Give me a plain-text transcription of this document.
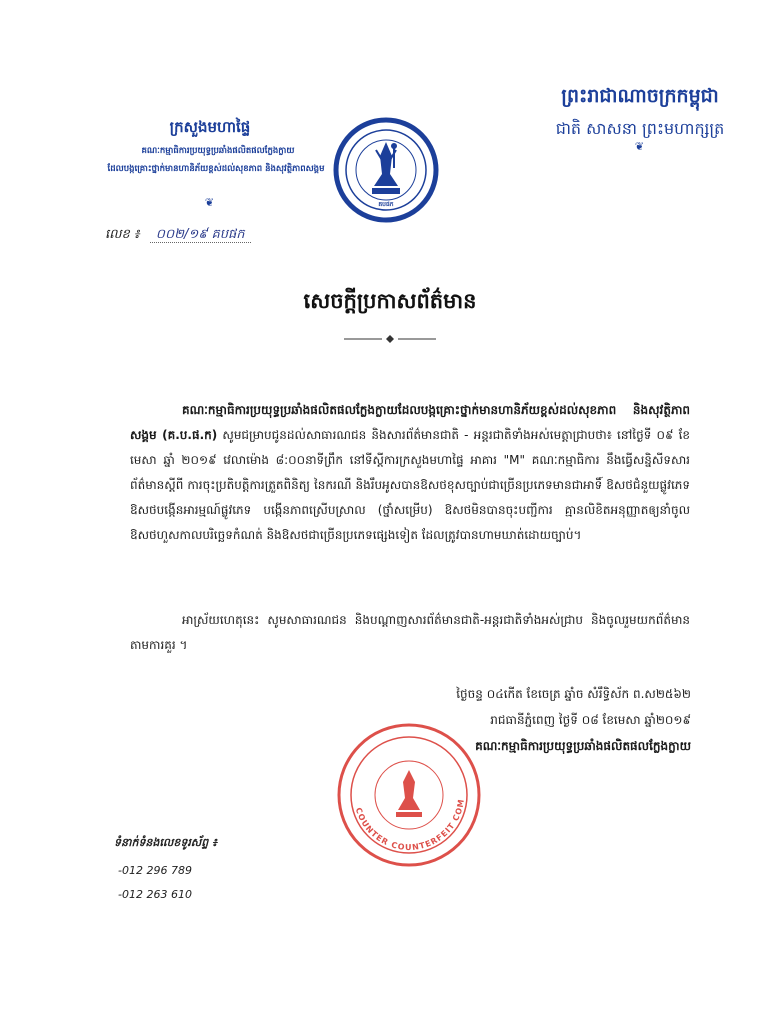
ព្រះរាជាណាចក្រកម្ពុជា
ជាតិ សាសនា ព្រះមហាក្សត្រ
❦
ក្រសួងមហាផ្ទៃ
គណៈកម្មាធិការប្រយុទ្ធប្រឆាំងផលិតផលក្លែងក្លាយ
ដែលបង្កគ្រោះថ្នាក់មានហានិភ័យខ្ពស់ដល់សុខភាព និងសុវត្ថិភាពសង្គម
❦
លេខ ៖ ០០២/១៩ គបផក
គបផក
សេចក្តីប្រកាសព័ត៌មាន
គណៈកម្មាធិការប្រយុទ្ធប្រឆាំងផលិតផលក្លែងក្លាយដែលបង្កគ្រោះថ្នាក់មានហានិភ័យខ្ពស់ដល់សុខភាព និងសុវត្ថិភាពសង្គម (គ.ប.ផ.ក) សូមជម្រាបជូនដល់សាធារណជន និងសារព័ត៌មានជាតិ - អន្តរជាតិទាំងអស់មេត្តាជ្រាបថា៖ នៅថ្ងៃទី ០៩ ខែ មេសា ឆ្នាំ ២០១៩ វេលាម៉ោង ៨:០០នាទីព្រឹក នៅទីស្តីការក្រសួងមហាផ្ទៃ អាគារ "M" គណៈកម្មាធិការ នឹងធ្វើសន្និសីទសារព័ត៌មានស្តីពី ការចុះប្រតិបត្តិការត្រួតពិនិត្យ នៃករណី និងរឹបអូសបានឱសថខុសច្បាប់ជាច្រើនប្រភេទមានជាអាទិ៍ ឱសថជំនួយផ្លូវភេទ ឱសថបង្កើនអារម្មណ៍ផ្លូវភេទ បង្កើនភាពស្រើបស្រាល (ថ្នាំសម្រើប) ឱសថមិនបានចុះបញ្ជីការ គ្មានលិខិតអនុញ្ញាតឲ្យនាំចូល ឱសថហួសកាលបរិច្ឆេទកំណត់ និងឱសថជាច្រើនប្រភេទផ្សេងទៀត ដែលត្រូវបានហាមឃាត់ដោយច្បាប់។
អាស្រ័យហេតុនេះ សូមសាធារណជន និងបណ្តាញសារព័ត៌មានជាតិ-អន្តរជាតិទាំងអស់ជ្រាប និងចូលរួមយកព័ត៌មានតាមការគួរ ។
ថ្ងៃចន្ទ ០៤កើត ខែចេត្រ ឆ្នាំច សំរឹទ្ធិស័ក ព.ស២៥៦២
រាជធានីភ្នំពេញ ថ្ងៃទី ០៨ ខែមេសា ឆ្នាំ២០១៩
គណៈកម្មាធិការប្រយុទ្ធប្រឆាំងផលិតផលក្លែងក្លាយ
COUNTER COUNTERFEIT COM
ទំនាក់ទំនងលេខទូរស័ព្ទ ៖
-012 296 789
-012 263 610
